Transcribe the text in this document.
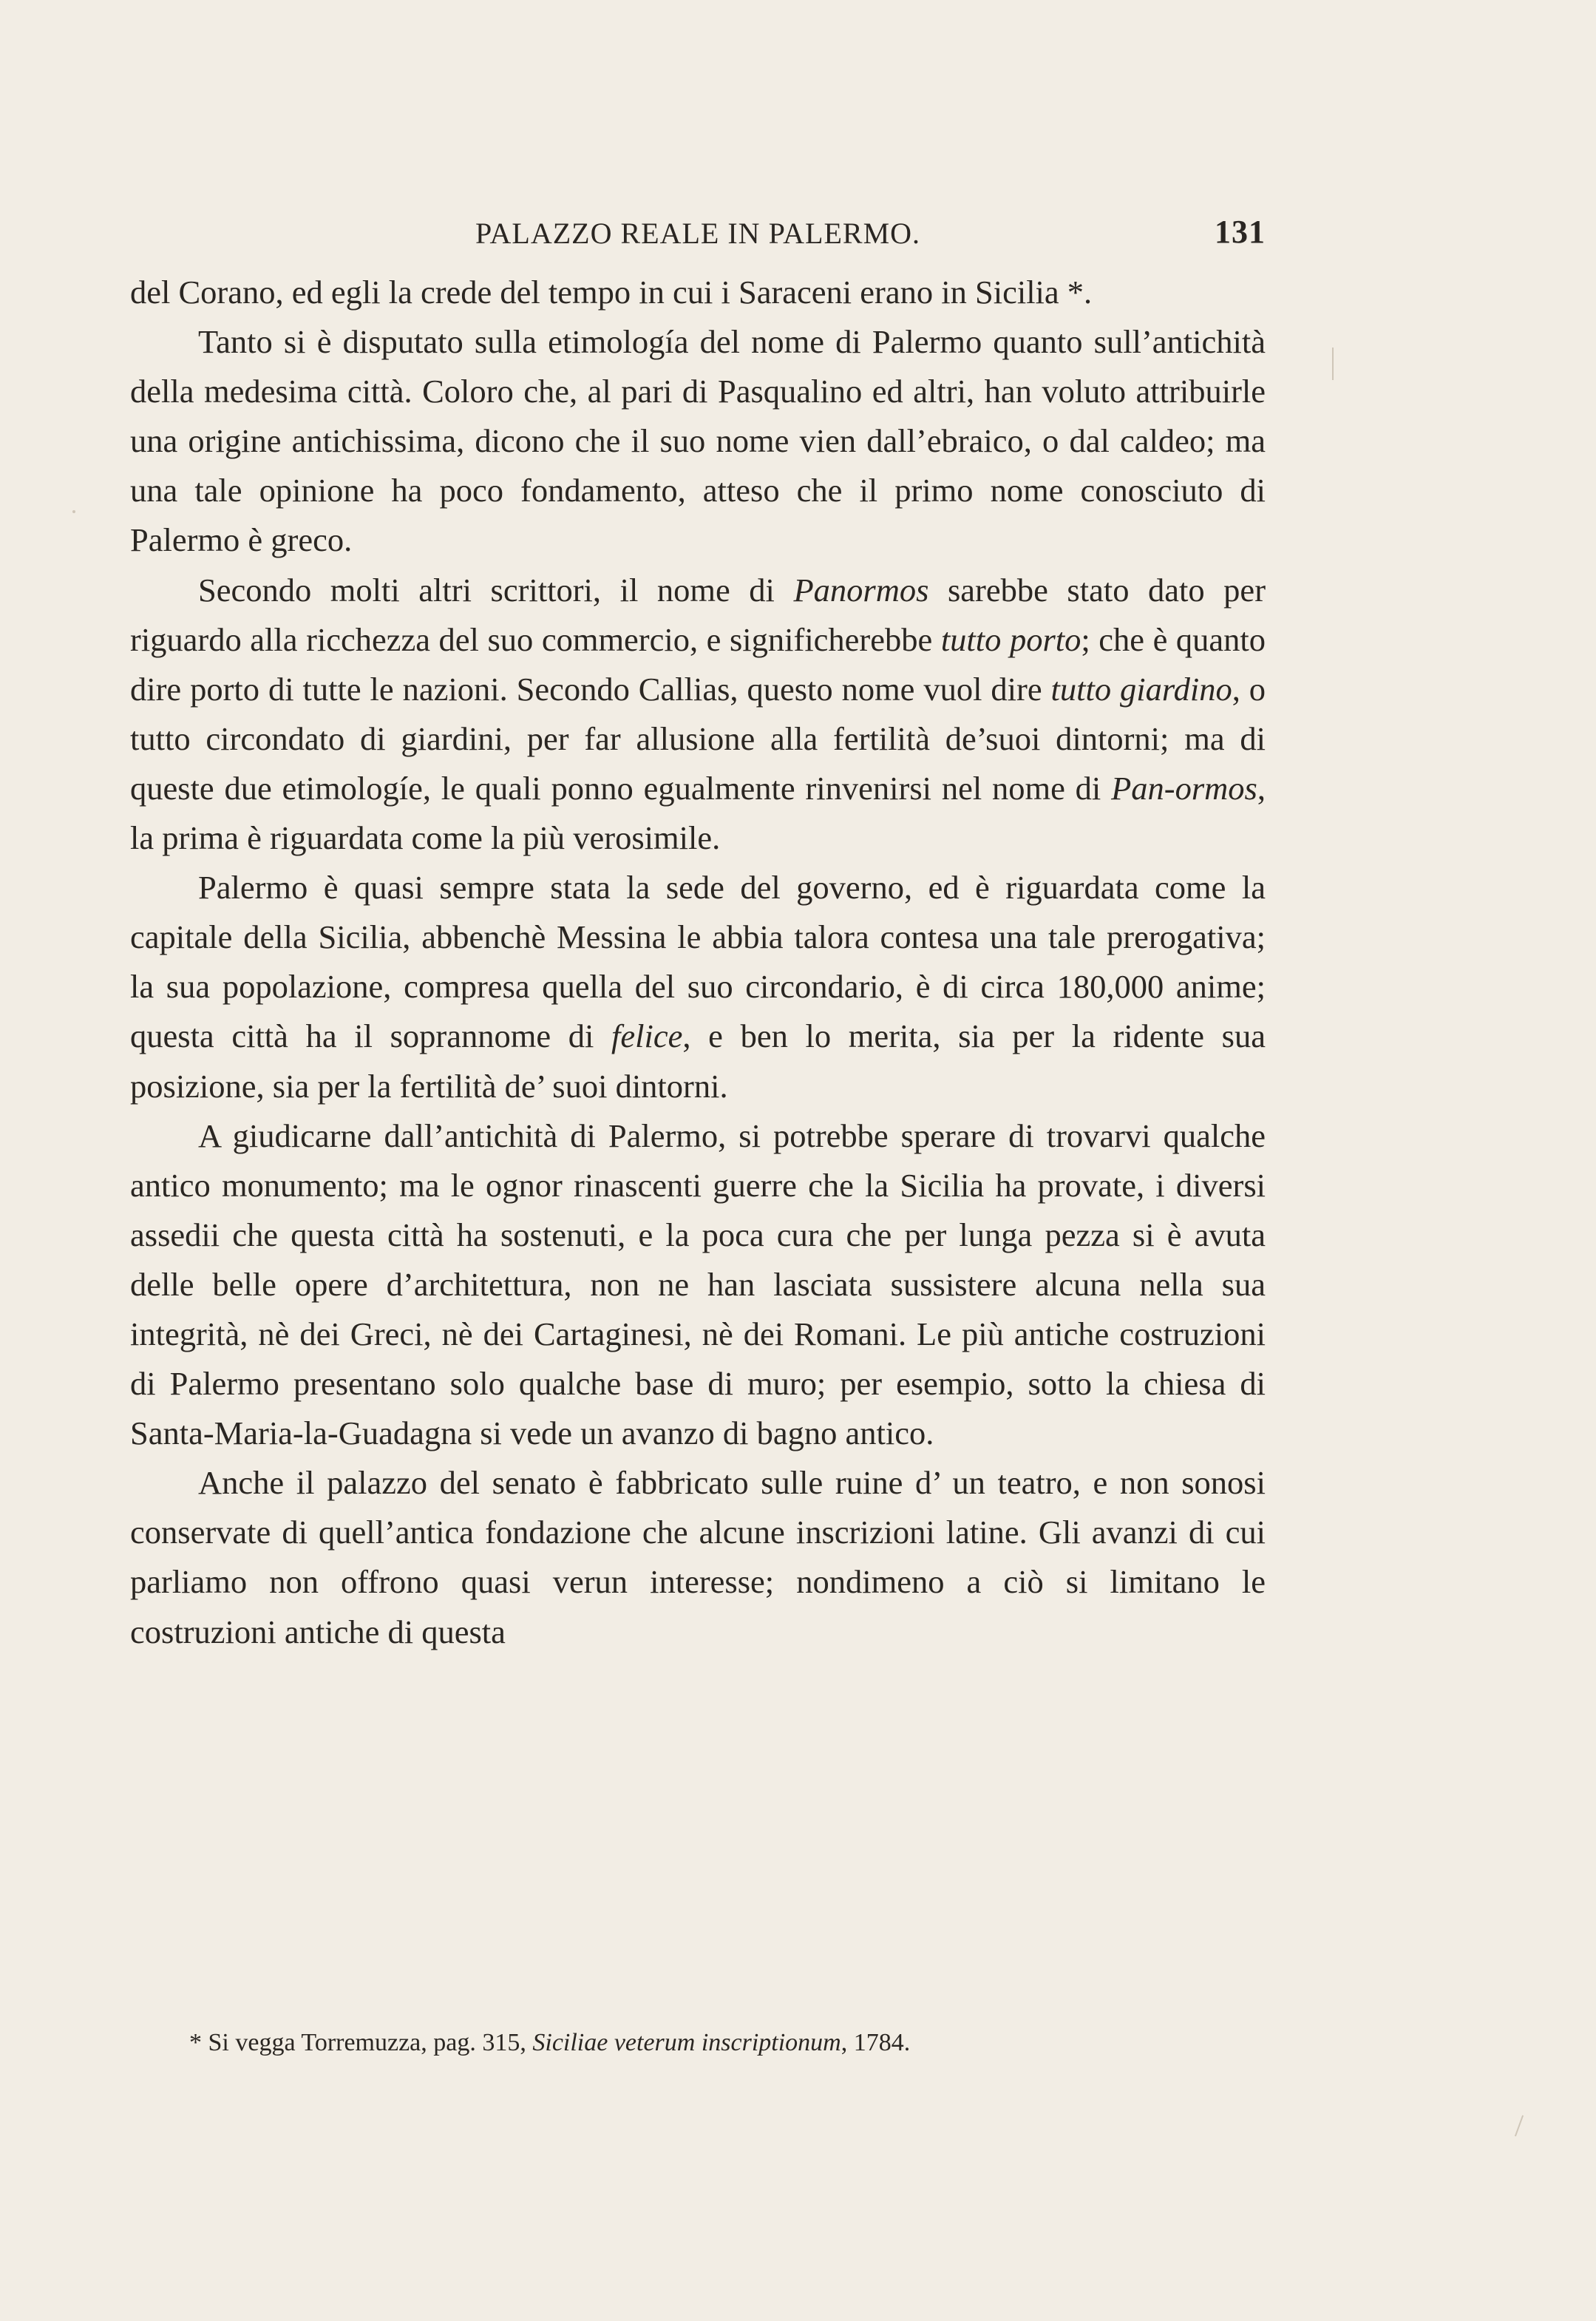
PALAZZO REALE IN PALERMO.	131

del Corano, ed egli la crede del tempo in cui i Saraceni erano in Sicilia *.

Tanto si è disputato sulla etimología del nome di Palermo quanto sull’antichità della medesima città. Coloro che, al pari di Pasqualino ed altri, han voluto attribuirle una origine antichissima, dicono che il suo nome vien dall’ebraico, o dal caldeo; ma una tale opinione ha poco fondamento, atteso che il primo nome conosciuto di Palermo è greco.

Secondo molti altri scrittori, il nome di Panormos sarebbe stato dato per riguardo alla ricchezza del suo commercio, e significherebbe tutto porto; che è quanto dire porto di tutte le nazioni. Secondo Callias, questo nome vuol dire tutto giardino, o tutto circondato di giardini, per far allusione alla fertilità de’suoi dintorni; ma di queste due etimologíe, le quali ponno egualmente rinvenirsi nel nome di Pan-ormos, la prima è riguardata come la più verosimile.

Palermo è quasi sempre stata la sede del governo, ed è riguardata come la capitale della Sicilia, abbenchè Messina le abbia talora contesa una tale prerogativa; la sua popolazione, compresa quella del suo circondario, è di circa 180,000 anime; questa città ha il soprannome di felice, e ben lo merita, sia per la ridente sua posizione, sia per la fertilità de’ suoi dintorni.

A giudicarne dall’antichità di Palermo, si potrebbe sperare di trovarvi qualche antico monumento; ma le ognor rinascenti guerre che la Sicilia ha provate, i diversi assedii che questa città ha sostenuti, e la poca cura che per lunga pezza si è avuta delle belle opere d’architettura, non ne han lasciata sussistere alcuna nella sua integrità, nè dei Greci, nè dei Cartaginesi, nè dei Romani. Le più antiche costruzioni di Palermo presentano solo qualche base di muro; per esempio, sotto la chiesa di Santa-Maria-la-Guadagna si vede un avanzo di bagno antico.

Anche il palazzo del senato è fabbricato sulle ruine d’ un teatro, e non sonosi conservate di quell’antica fondazione che alcune inscrizioni latine. Gli avanzi di cui parliamo non offrono quasi verun interesse; nondimeno a ciò si limitano le costruzioni antiche di questa

* Si vegga Torremuzza, pag. 315, Siciliae veterum inscriptionum, 1784.
